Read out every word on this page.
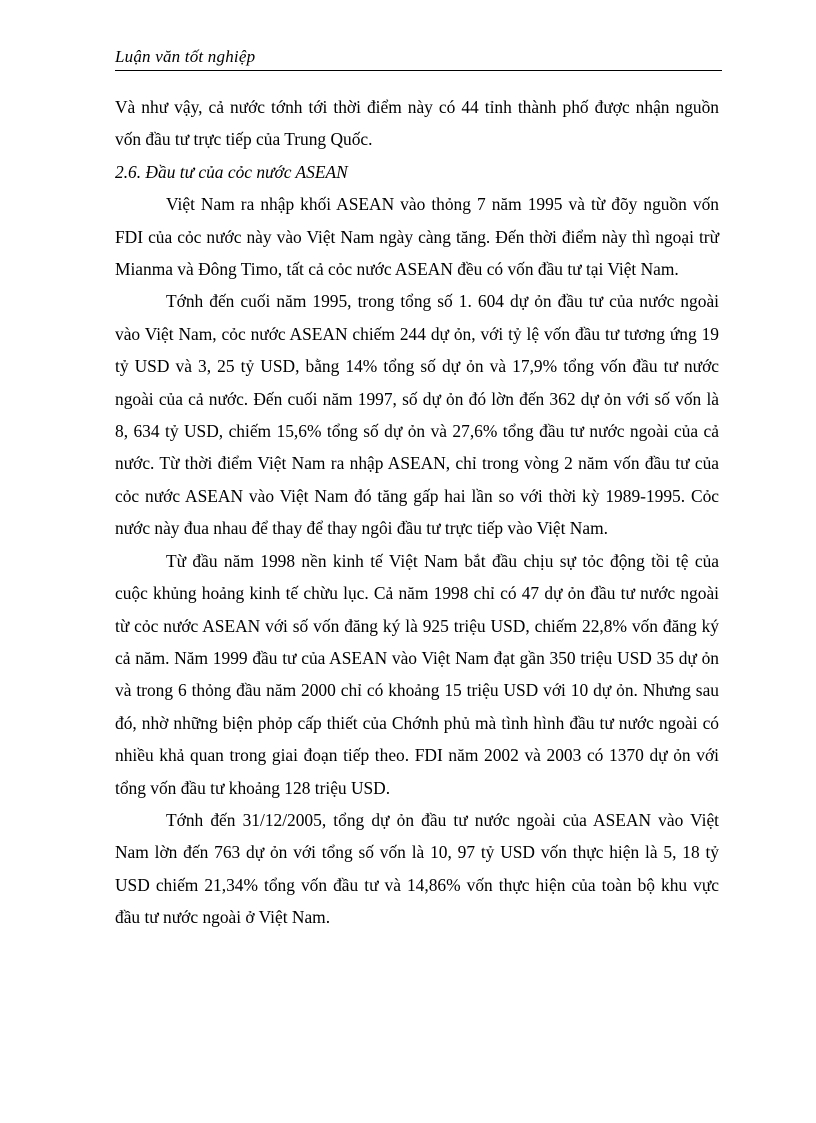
Luận văn tốt nghiệp

Và như vậy, cả nước tớnh tới thời điểm này có 44 tỉnh thành phố được nhận nguồn vốn đầu tư trực tiếp của Trung Quốc.

2.6. Đầu tư của cỏc nước ASEAN

Việt Nam ra nhập khối ASEAN vào thỏng 7 năm 1995 và từ đõy nguồn vốn FDI của cỏc nước này vào Việt Nam ngày càng tăng. Đến thời điểm này thì ngoại trừ Mianma và Đông Timo, tất cả cỏc nước ASEAN đều có vốn đầu tư tại Việt Nam.

Tớnh đến cuối năm 1995, trong tổng số 1. 604 dự ỏn đầu tư của nước ngoài vào Việt Nam, cỏc nước ASEAN chiếm 244 dự ỏn, với tỷ lệ vốn đầu tư tương ứng 19 tỷ USD và 3, 25 tỷ USD, bằng 14% tổng số dự ỏn và 17,9% tổng vốn đầu tư nước ngoài của cả nước. Đến cuối năm 1997, số dự ỏn đó lờn đến 362 dự ỏn với số vốn là 8, 634 tỷ USD, chiếm 15,6% tổng số dự ỏn và 27,6% tổng đầu tư nước ngoài của cả nước. Từ thời điểm Việt Nam ra nhập ASEAN, chỉ trong vòng 2 năm vốn đầu tư của cỏc nước ASEAN vào Việt Nam đó tăng gấp hai lần so với thời kỳ 1989-1995. Cỏc nước này đua nhau để thay để thay ngôi đầu tư trực tiếp vào Việt Nam.

Từ đầu năm 1998 nền kinh tế Việt Nam bắt đầu chịu sự tỏc động tồi tệ của cuộc khủng hoảng kinh tế chừu lục. Cả năm 1998 chỉ có 47 dự ỏn đầu tư nước ngoài từ cỏc nước ASEAN với số vốn đăng ký là 925 triệu USD, chiếm 22,8% vốn đăng ký cả năm. Năm 1999 đầu tư của ASEAN vào Việt Nam đạt gần 350 triệu USD 35 dự ỏn và trong 6 thỏng đầu năm 2000 chỉ có khoảng 15 triệu USD với 10 dự ỏn. Nhưng sau đó, nhờ những biện phỏp cấp thiết của Chớnh phủ mà tình hình đầu tư nước ngoài có nhiều khả quan trong giai đoạn tiếp theo. FDI năm 2002 và 2003 có 1370 dự ỏn với tổng vốn đầu tư khoảng 128 triệu USD.

Tớnh đến 31/12/2005, tổng dự ỏn đầu tư nước ngoài của ASEAN vào Việt Nam lờn đến 763 dự ỏn với tổng số vốn là 10, 97 tỷ USD vốn thực hiện là 5, 18 tỷ USD chiếm 21,34% tổng vốn đầu tư và 14,86% vốn thực hiện của toàn bộ khu vực đầu tư nước ngoài ở Việt Nam.
